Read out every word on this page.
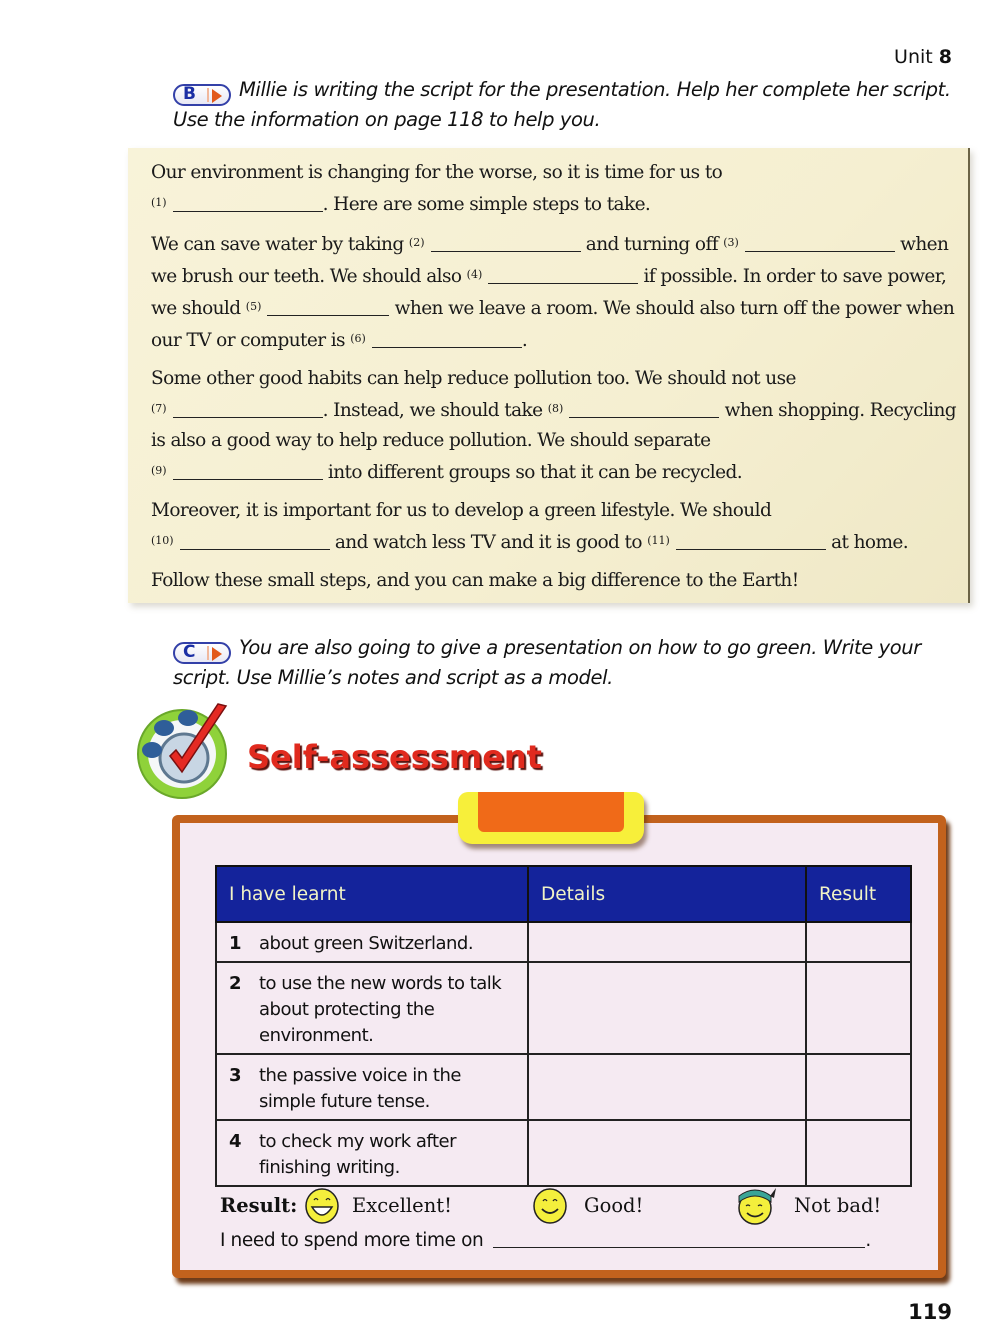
Unit 8
B Millie is writing the script for the presentation. Help her complete her script. Use the information on page 118 to help you.

Our environment is changing for the worse, so it is time for us to
$^{(1)}$	. Here are some simple steps to take.

We can save water by taking $^{(2)}$	and turning off $^{(3)}$	when we brush our teeth. We should also $^{(4)}$	if possible. In order to save power, we should $^{(5)}$	when we leave a room. We should also turn off the power when our TV or computer is $^{(6)}$	.

Some other good habits can help reduce pollution too. We should not use
$^{(7)}$	. Instead, we should take $^{(8)}$	when shopping. Recycling is also a good way to help reduce pollution. We should separate
$^{(9)}$	into different groups so that it can be recycled.

Moreover, it is important for us to develop a green lifestyle. We should
$^{(10)}$	and watch less TV and it is good to $^{(11)}$	at home.

Follow these small steps, and you can make a big difference to the Earth!

C You are also going to give a presentation on how to go green. Write your script. Use Millie’s notes and script as a model.
Self-assessment
I have learnt	Details	Result
1 about green Switzerland.		
2 to use the new words to talk about protecting the environment.		
3 the passive voice in the simple future tense.		
4 to check my work after finishing writing.		
Result:	Excellent!	Good!	Not bad!
I need to spend more time on	.
119
